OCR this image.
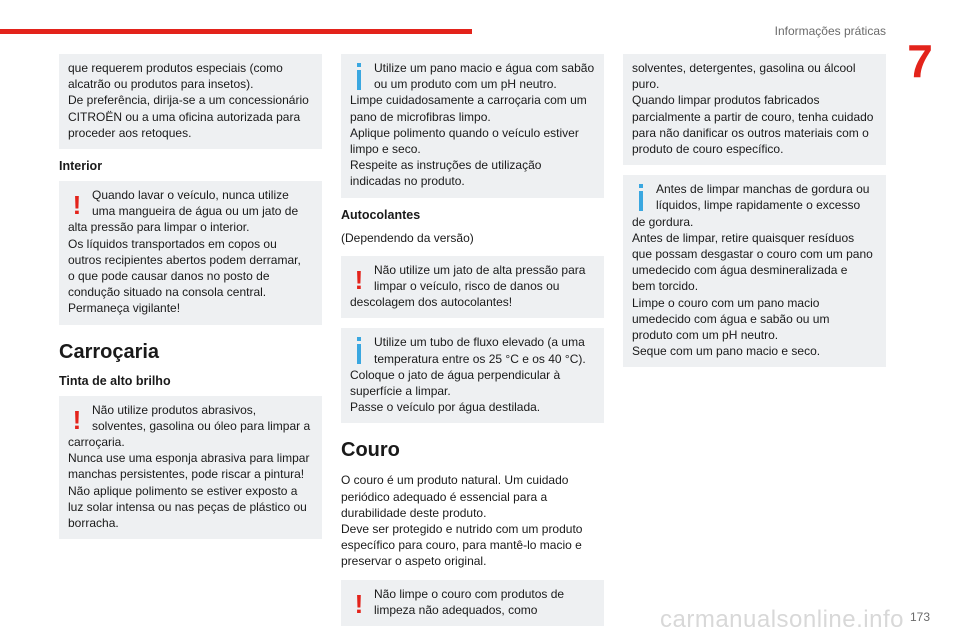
Informações práticas
7
que requerem produtos especiais (como
alcatrão ou produtos para insetos).
De preferência, dirija-se a um concessionário
CITROËN ou a uma oficina autorizada para
proceder aos retoques.
Interior
! Quando lavar o veículo, nunca utilize
uma mangueira de água ou um jato de
alta pressão para limpar o interior.
Os líquidos transportados em copos ou
outros recipientes abertos podem derramar,
o que pode causar danos no posto de
condução situado na consola central.
Permaneça vigilante!
Carroçaria
Tinta de alto brilho
! Não utilize produtos abrasivos,
solventes, gasolina ou óleo para limpar a
carroçaria.
Nunca use uma esponja abrasiva para limpar
manchas persistentes, pode riscar a pintura!
Não aplique polimento se estiver exposto a
luz solar intensa ou nas peças de plástico ou
borracha.
Utilize um pano macio e água com sabão
ou um produto com um pH neutro.
Limpe cuidadosamente a carroçaria com um
pano de microfibras limpo.
Aplique polimento quando o veículo estiver
limpo e seco.
Respeite as instruções de utilização
indicadas no produto.
Autocolantes
(Dependendo da versão)
! Não utilize um jato de alta pressão para
limpar o veículo, risco de danos ou
descolagem dos autocolantes!
Utilize um tubo de fluxo elevado (a uma
temperatura entre os 25 °C e os 40 °C).
Coloque o jato de água perpendicular à
superfície a limpar.
Passe o veículo por água destilada.
Couro
O couro é um produto natural. Um cuidado
periódico adequado é essencial para a
durabilidade deste produto.
Deve ser protegido e nutrido com um produto
específico para couro, para mantê-lo macio e
preservar o aspeto original.
! Não limpe o couro com produtos de
limpeza não adequados, como
solventes, detergentes, gasolina ou álcool
puro.
Quando limpar produtos fabricados
parcialmente a partir de couro, tenha cuidado
para não danificar os outros materiais com o
produto de couro específico.
Antes de limpar manchas de gordura ou
líquidos, limpe rapidamente o excesso
de gordura.
Antes de limpar, retire quaisquer resíduos
que possam desgastar o couro com um pano
umedecido com água desmineralizada e
bem torcido.
Limpe o couro com um pano macio
umedecido com água e sabão ou um
produto com um pH neutro.
Seque com um pano macio e seco.
173
carmanualsonline.info
